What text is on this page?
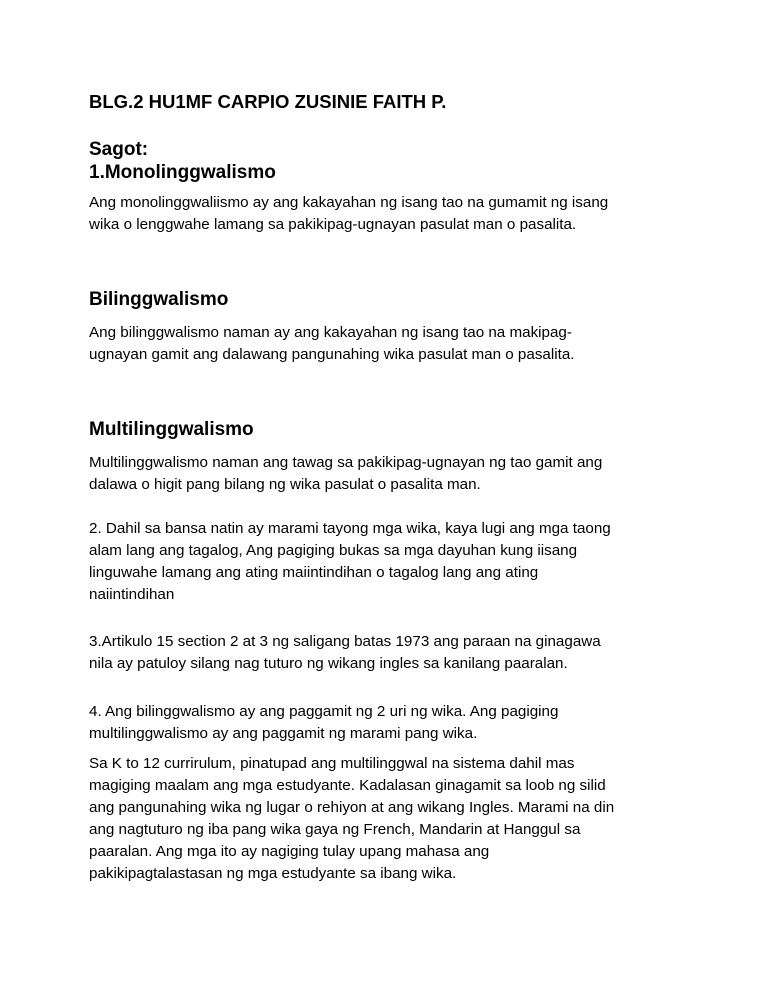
BLG.2 HU1MF CARPIO ZUSINIE FAITH P.
Sagot:
1.Monolinggwalismo
Ang monolinggwaliismo ay ang kakayahan ng isang tao na gumamit ng isang
wika o lenggwahe lamang sa pakikipag-ugnayan pasulat man o pasalita.
Bilinggwalismo
Ang bilinggwalismo naman ay ang kakayahan ng isang tao na makipag-
ugnayan gamit ang dalawang pangunahing wika pasulat man o pasalita.
Multilinggwalismo
Multilinggwalismo naman ang tawag sa pakikipag-ugnayan ng tao gamit ang
dalawa o higit pang bilang ng wika pasulat o pasalita man.
2. Dahil sa bansa natin ay marami tayong mga wika, kaya lugi ang mga taong
alam lang ang tagalog, Ang pagiging bukas sa mga dayuhan kung iisang
linguwahe lamang ang ating maiintindihan o tagalog lang ang ating
naiintindihan
3.Artikulo 15 section 2 at 3 ng saligang batas 1973 ang paraan na ginagawa
nila ay patuloy silang nag tuturo ng wikang ingles sa kanilang paaralan.
4. Ang bilinggwalismo ay ang paggamit ng 2 uri ng wika. Ang pagiging
multilinggwalismo ay ang paggamit ng marami pang wika.
Sa K to 12 currirulum, pinatupad ang multilinggwal na sistema dahil mas
magiging maalam ang mga estudyante. Kadalasan ginagamit sa loob ng silid
ang pangunahing wika ng lugar o rehiyon at ang wikang Ingles. Marami na din
ang nagtuturo ng iba pang wika gaya ng French, Mandarin at Hanggul sa
paaralan. Ang mga ito ay nagiging tulay upang mahasa ang
pakikipagtalastasan ng mga estudyante sa ibang wika.
